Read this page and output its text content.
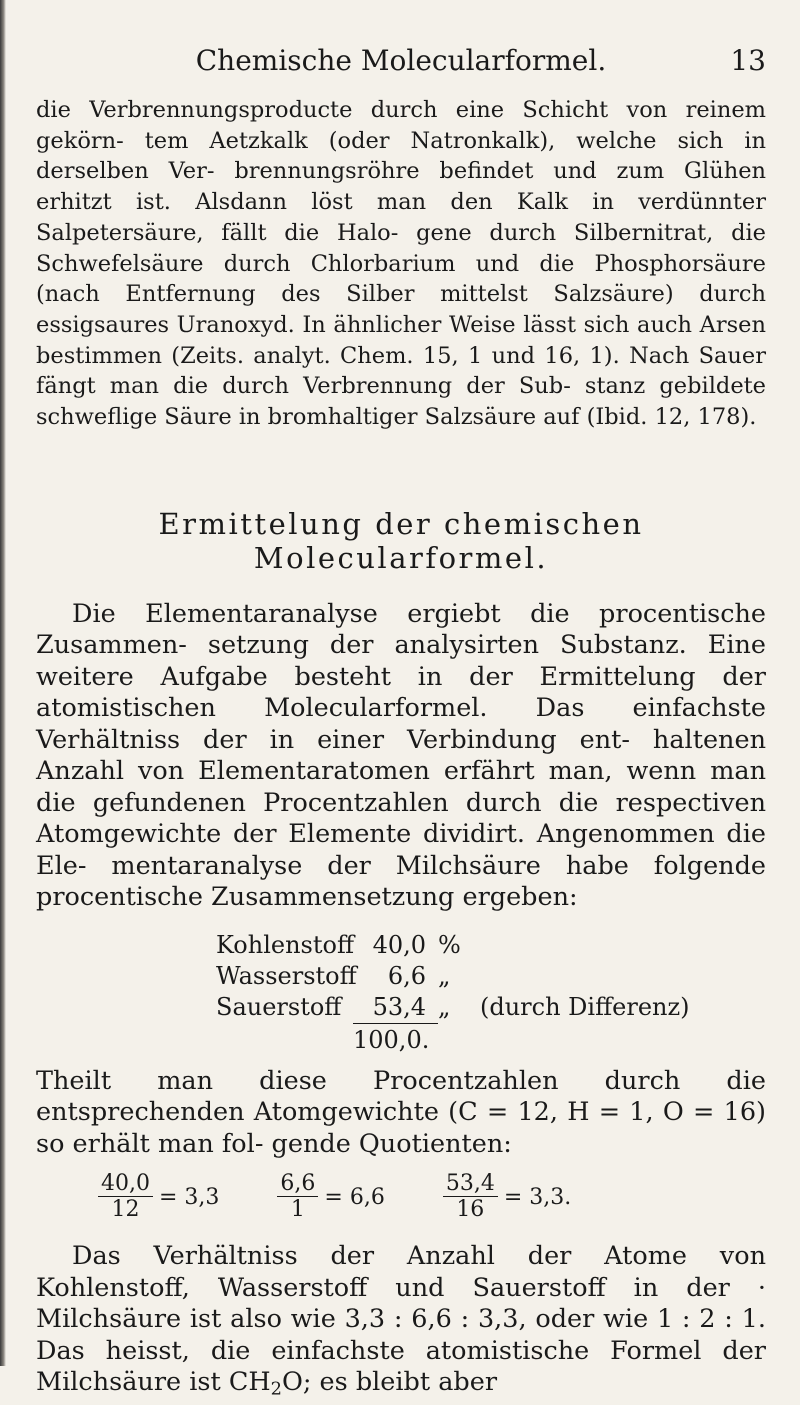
Chemische Molecularformel.	13

die Verbrennungsproducte durch eine Schicht von reinem gekörn- tem Aetzkalk (oder Natronkalk), welche sich in derselben Ver- brennungsröhre befindet und zum Glühen erhitzt ist. Alsdann löst man den Kalk in verdünnter Salpetersäure, fällt die Halo- gene durch Silbernitrat, die Schwefelsäure durch Chlorbarium und die Phosphorsäure (nach Entfernung des Silber mittelst Salzsäure) durch essigsaures Uranoxyd. In ähnlicher Weise lässt sich auch Arsen bestimmen (Zeits. analyt. Chem. 15, 1 und 16, 1). Nach Sauer fängt man die durch Verbrennung der Sub- stanz gebildete schweflige Säure in bromhaltiger Salzsäure auf (Ibid. 12, 178).

Ermittelung der chemischen Molecularformel.

Die Elementaranalyse ergiebt die procentische Zusammen- setzung der analysirten Substanz. Eine weitere Aufgabe besteht in der Ermittelung der atomistischen Molecularformel. Das einfachste Verhältniss der in einer Verbindung ent- haltenen Anzahl von Elementaratomen erfährt man, wenn man die gefundenen Procentzahlen durch die respectiven Atomgewichte der Elemente dividirt. Angenommen die Ele- mentaranalyse der Milchsäure habe folgende procentische Zusammensetzung ergeben:

Kohlenstoff 40,0 %
Wasserstoff	6,6 „
Sauerstoff	53,4 „	(durch Differenz)
100,0.

Theilt man diese Procentzahlen durch die entsprechenden Atomgewichte (C = 12, H = 1, O = 16) so erhält man fol- gende Quotienten:

$\frac{40,0}{12} = 3,3$	$\frac{6,6}{1} = 6,6$	$\frac{53,4}{16} = 3,3$.

Das Verhältniss der Anzahl der Atome von Kohlenstoff, Wasserstoff und Sauerstoff in der · Milchsäure ist also wie 3,3 : 6,6 : 3,3, oder wie 1 : 2 : 1. Das heisst, die einfachste atomistische Formel der Milchsäure ist $CH_2O$; es bleibt aber
